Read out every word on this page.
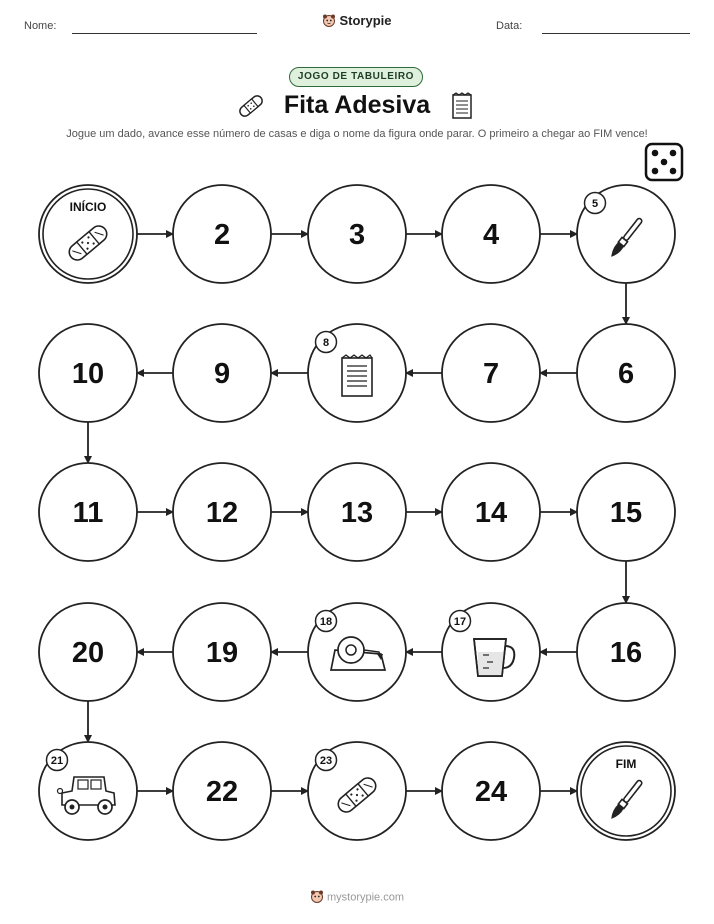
Nome:	Storypie	Data:
JOGO DE TABULEIRO
Fita Adesiva
Jogue um dado, avance esse número de casas e diga o nome da figura onde parar. O primeiro a chegar ao FIM vence!
INÍCIO
2	3	4
5
6
7
8
9
10
11	12	13	14	15
16
17
18
19
20
21
22
23
24
FIM
mystorypie.com
